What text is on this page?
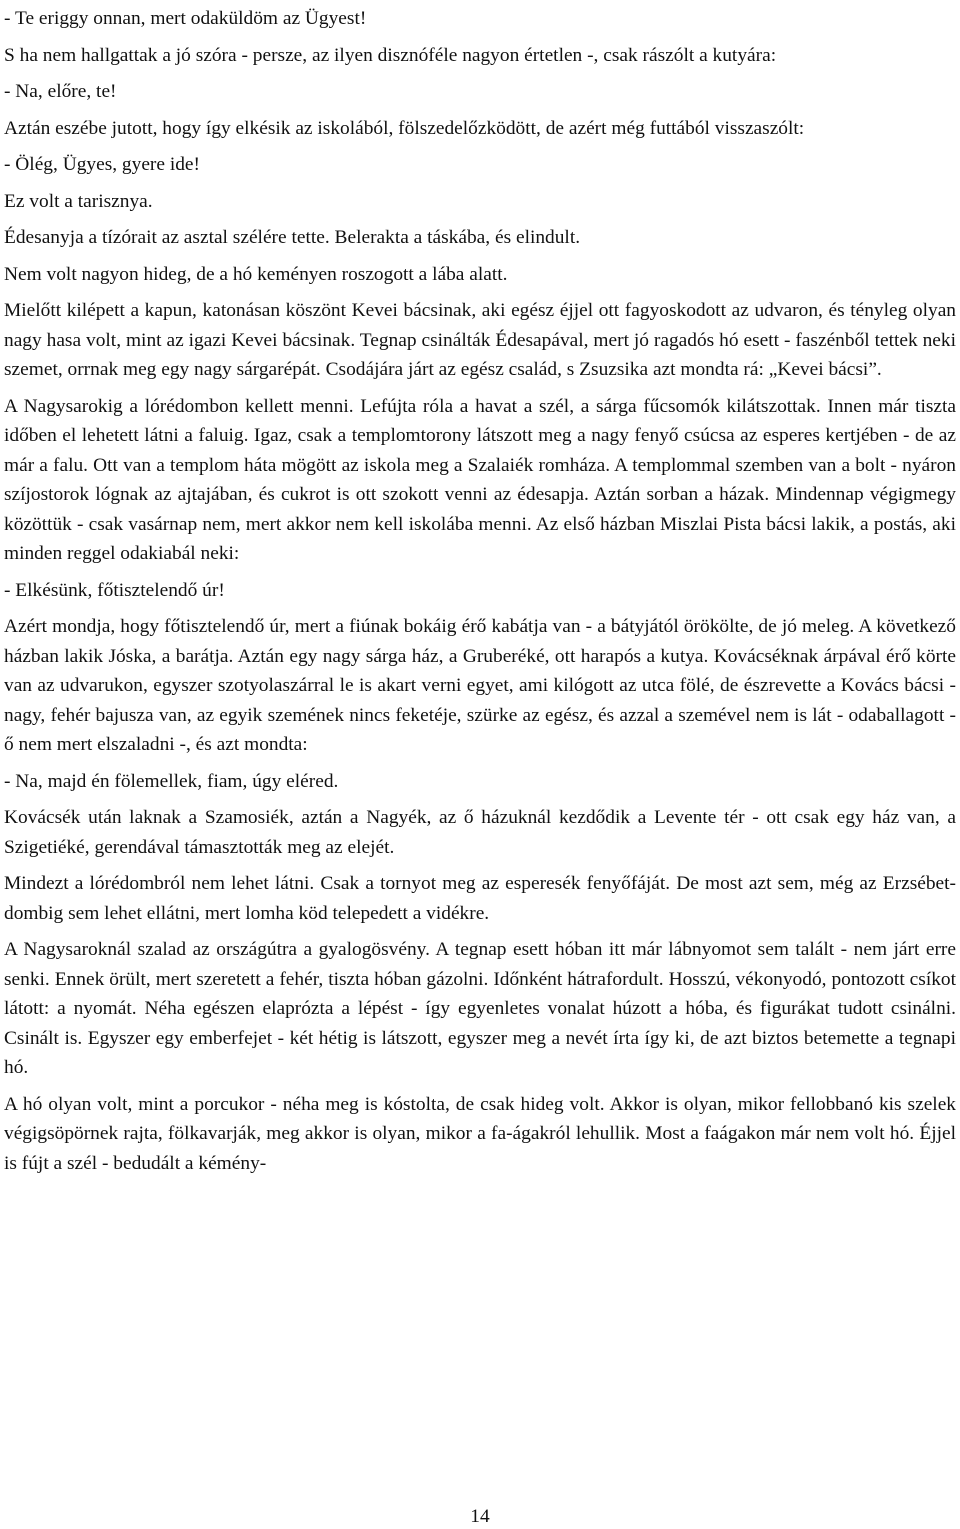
- Te eriggy onnan, mert odaküldöm az Ügyest!

S ha nem hallgattak a jó szóra - persze, az ilyen disznóféle nagyon értetlen -, csak rászólt a kutyára:

- Na, előre, te!

Aztán eszébe jutott, hogy így elkésik az iskolából, fölszedelőzködött, de azért még futtából visszaszólt:

- Ölég, Ügyes, gyere ide!

Ez volt a tarisznya.

Édesanyja a tízórait az asztal szélére tette. Belerakta a táskába, és elindult.

Nem volt nagyon hideg, de a hó keményen roszogott a lába alatt.

Mielőtt kilépett a kapun, katonásan köszönt Kevei bácsinak, aki egész éjjel ott fagyoskodott az udvaron, és tényleg olyan nagy hasa volt, mint az igazi Kevei bácsinak. Tegnap csinálták Édesapával, mert jó ragadós hó esett - faszénből tettek neki szemet, orrnak meg egy nagy sárgarépát. Csodájára járt az egész család, s Zsuzsika azt mondta rá: „Kevei bácsi”.

A Nagysarokig a lórédombon kellett menni. Lefújta róla a havat a szél, a sárga fűcsomók kilátszottak. Innen már tiszta időben el lehetett látni a faluig. Igaz, csak a templomtorony látszott meg a nagy fenyő csúcsa az esperes kertjében - de az már a falu. Ott van a templom háta mögött az iskola meg a Szalaiék romháza. A templommal szemben van a bolt - nyáron szíjostorok lógnak az ajtajában, és cukrot is ott szokott venni az édesapja. Aztán sorban a házak. Mindennap végigmegy közöttük - csak vasárnap nem, mert akkor nem kell iskolába menni. Az első házban Miszlai Pista bácsi lakik, a postás, aki minden reggel odakiabál neki:

- Elkésünk, főtisztelendő úr!

Azért mondja, hogy főtisztelendő úr, mert a fiúnak bokáig érő kabátja van - a bátyjától örökölte, de jó meleg. A következő házban lakik Jóska, a barátja. Aztán egy nagy sárga ház, a Gruberéké, ott harapós a kutya. Kovácséknak árpával érő körte van az udvarukon, egyszer szotyolaszárral le is akart verni egyet, ami kilógott az utca fölé, de észrevette a Kovács bácsi - nagy, fehér bajusza van, az egyik szemének nincs feketéje, szürke az egész, és azzal a szemével nem is lát - odaballagott - ő nem mert elszaladni -, és azt mondta:

- Na, majd én fölemellek, fiam, úgy eléred.

Kovácsék után laknak a Szamosiék, aztán a Nagyék, az ő házuknál kezdődik a Levente tér - ott csak egy ház van, a Szigetiéké, gerendával támasztották meg az elejét.

Mindezt a lórédombról nem lehet látni. Csak a tornyot meg az esperesék fenyőfáját. De most azt sem, még az Erzsébet-dombig sem lehet ellátni, mert lomha köd telepedett a vidékre.

A Nagysaroknál szalad az országútra a gyalogösvény. A tegnap esett hóban itt már lábnyomot sem talált - nem járt erre senki. Ennek örült, mert szeretett a fehér, tiszta hóban gázolni. Időnként hátrafordult. Hosszú, vékonyodó, pontozott csíkot látott: a nyomát. Néha egészen elaprózta a lépést - így egyenletes vonalat húzott a hóba, és figurákat tudott csinálni. Csinált is. Egyszer egy emberfejet - két hétig is látszott, egyszer meg a nevét írta így ki, de azt biztos betemette a tegnapi hó.

A hó olyan volt, mint a porcukor - néha meg is kóstolta, de csak hideg volt. Akkor is olyan, mikor fellobbanó kis szelek végigsöpörnek rajta, fölkavarják, meg akkor is olyan, mikor a fa-ágakról lehullik. Most a faágakon már nem volt hó. Éjjel is fújt a szél - bedudált a kémény-

14
